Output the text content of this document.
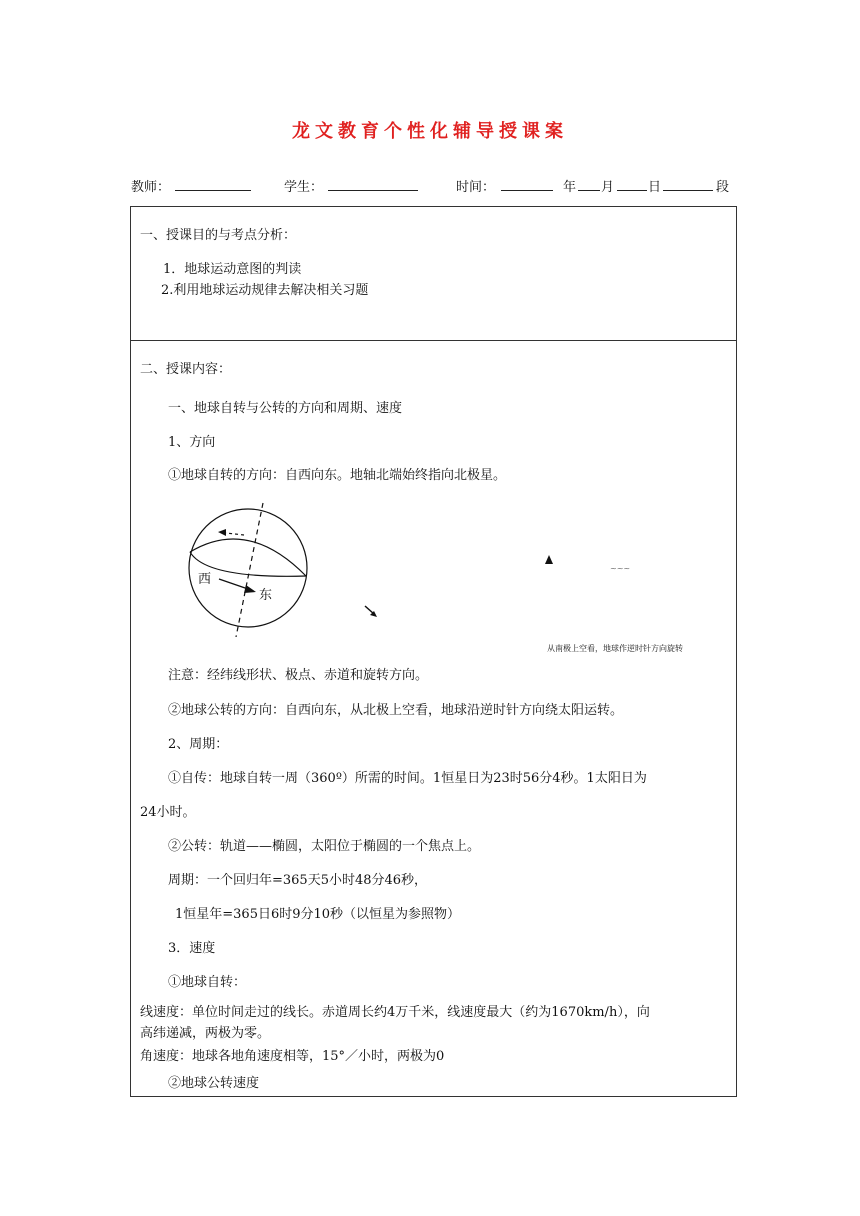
龙文教育个性化辅导授课案
教师：	学生：	时间：	年 月	日	段
一、授课目的与考点分析：
1．地球运动意图的判读
2.利用地球运动规律去解决相关习题
二、授课内容：
一、地球自转与公转的方向和周期、速度
1、方向
①地球自转的方向：自西向东。地轴北端始终指向北极星。
西
东
~~~
从南极上空看，地球作逆时针方向旋转
注意：经纬线形状、极点、赤道和旋转方向。
②地球公转的方向：自西向东，从北极上空看，地球沿逆时针方向绕太阳运转。
2、周期：
①自传：地球自转一周（360º）所需的时间。1恒星日为23时56分4秒。1太阳日为
24小时。
②公转：轨道——椭圆，太阳位于椭圆的一个焦点上。
周期：一个回归年=365天5小时48分46秒，
1恒星年=365日6时9分10秒（以恒星为参照物）
3．速度
①地球自转：
线速度：单位时间走过的线长。赤道周长约4万千米，线速度最大（约为1670km/h），向
高纬递减，两极为零。
角速度：地球各地角速度相等，15°／小时，两极为0
②地球公转速度
